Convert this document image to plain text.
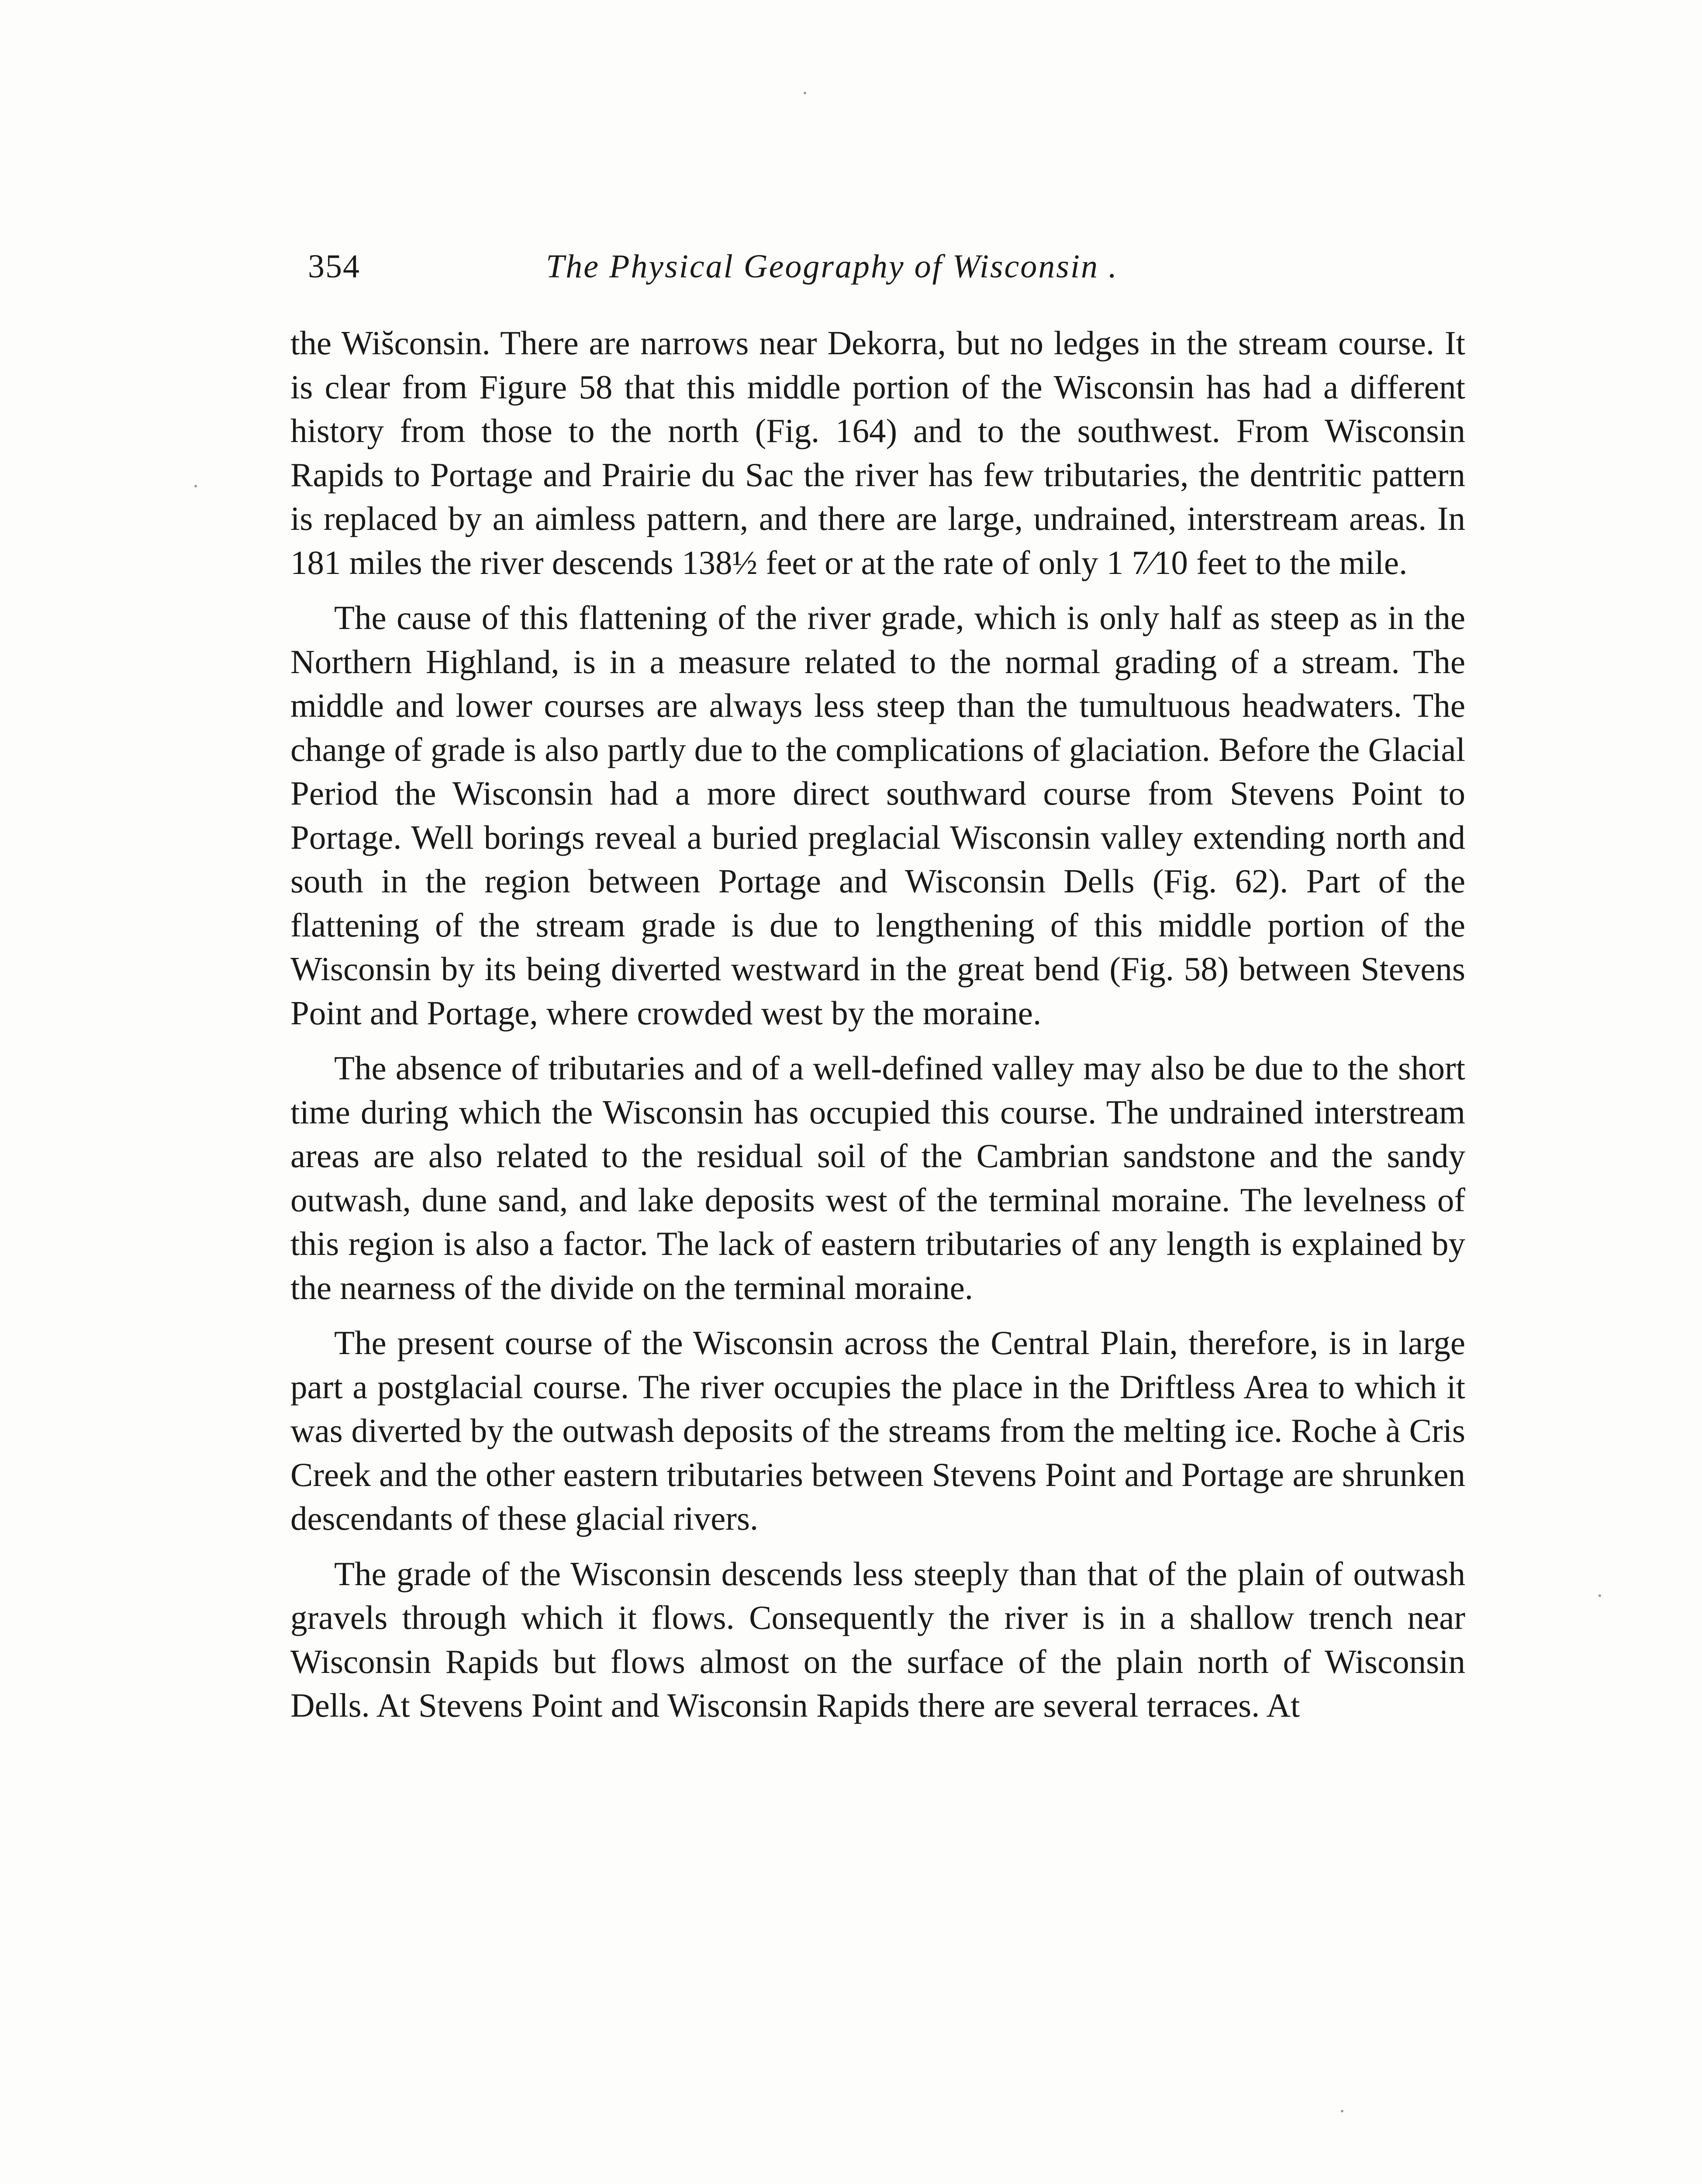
354	The Physical Geography of Wisconsin .

the Wis̆consin. There are narrows near Dekorra, but no ledges in the stream course. It is clear from Figure 58 that this middle portion of the Wisconsin has had a different history from those to the north (Fig. 164) and to the southwest. From Wisconsin Rapids to Portage and Prairie du Sac the river has few tributaries, the dentritic pattern is replaced by an aimless pattern, and there are large, undrained, interstream areas. In 181 miles the river descends 138½ feet or at the rate of only 1 7⁄10 feet to the mile.

The cause of this flattening of the river grade, which is only half as steep as in the Northern Highland, is in a measure related to the normal grading of a stream. The middle and lower courses are always less steep than the tumultuous headwaters. The change of grade is also partly due to the complications of glaciation. Before the Glacial Period the Wisconsin had a more direct southward course from Stevens Point to Portage. Well borings reveal a buried preglacial Wisconsin valley extending north and south in the region between Portage and Wisconsin Dells (Fig. 62). Part of the flattening of the stream grade is due to lengthening of this middle portion of the Wisconsin by its being diverted westward in the great bend (Fig. 58) between Stevens Point and Portage, where crowded west by the moraine.

The absence of tributaries and of a well-defined valley may also be due to the short time during which the Wisconsin has occupied this course. The undrained interstream areas are also related to the residual soil of the Cambrian sandstone and the sandy outwash, dune sand, and lake deposits west of the terminal moraine. The levelness of this region is also a factor. The lack of eastern tributaries of any length is explained by the nearness of the divide on the terminal moraine.

The present course of the Wisconsin across the Central Plain, therefore, is in large part a postglacial course. The river occupies the place in the Driftless Area to which it was diverted by the outwash deposits of the streams from the melting ice. Roche à Cris Creek and the other eastern tributaries between Stevens Point and Portage are shrunken descendants of these glacial rivers.

The grade of the Wisconsin descends less steeply than that of the plain of outwash gravels through which it flows. Consequently the river is in a shallow trench near Wisconsin Rapids but flows almost on the surface of the plain north of Wisconsin Dells. At Stevens Point and Wisconsin Rapids there are several terraces. At
